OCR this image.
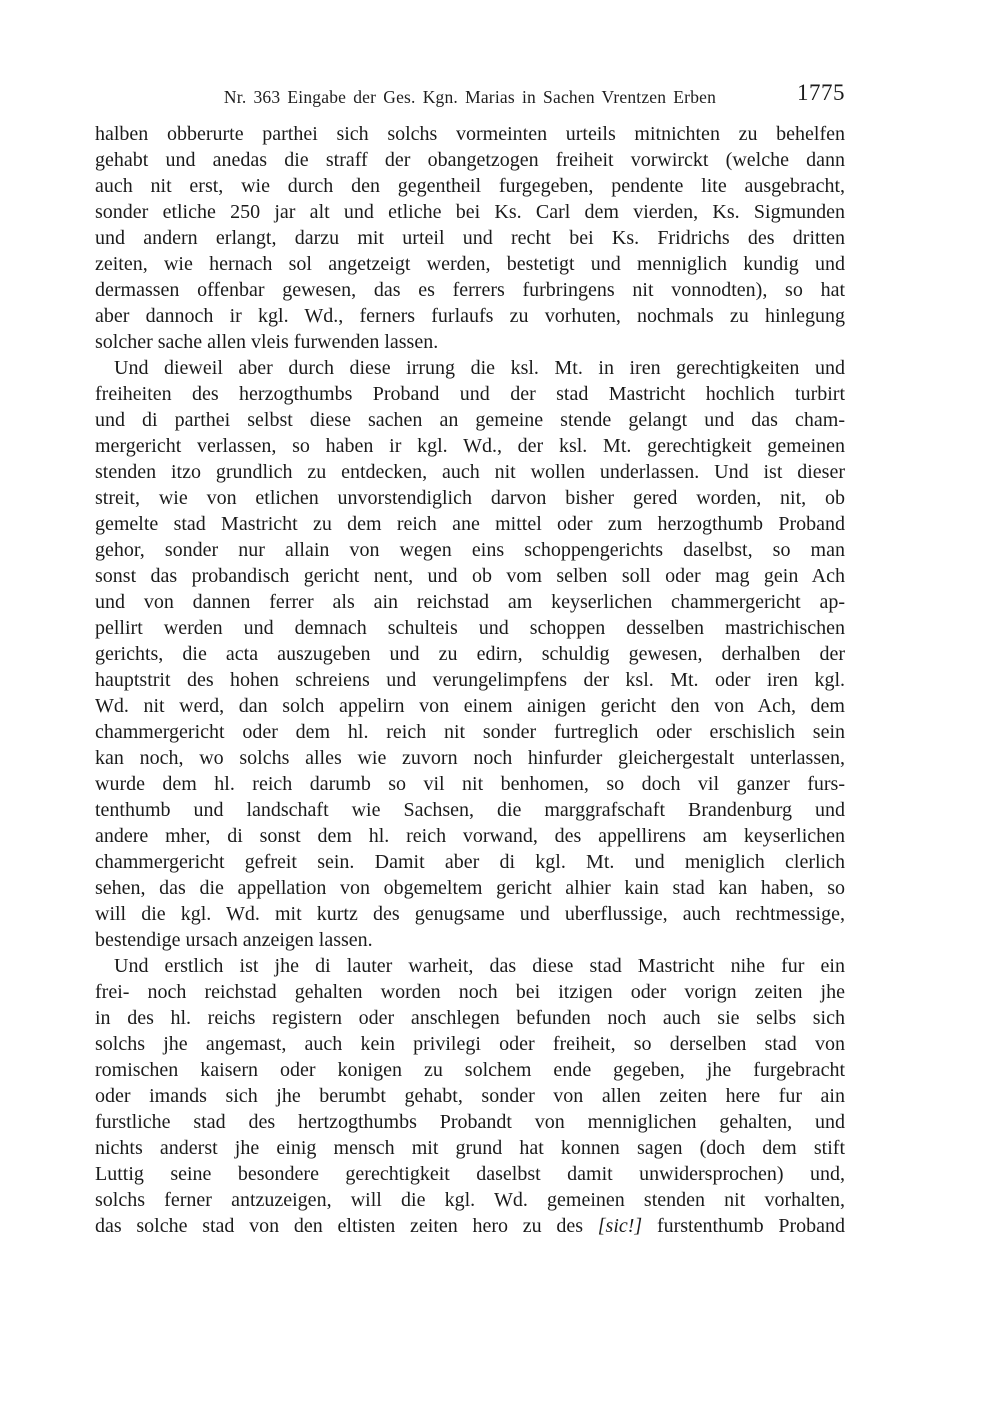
Nr. 363 Eingabe der Ges. Kgn. Marias in Sachen Vrentzen Erben	1775
halben obberurte parthei sich solchs vormeinten urteils mitnichten zu behelfen
gehabt und anedas die straff der obangetzogen freiheit vorwirckt (welche dann
auch nit erst, wie durch den gegentheil furgegeben, pendente lite ausgebracht,
sonder etliche 250 jar alt und etliche bei Ks. Carl dem vierden, Ks. Sigmunden
und andern erlangt, darzu mit urteil und recht bei Ks. Fridrichs des dritten
zeiten, wie hernach sol angetzeigt werden, bestetigt und menniglich kundig und
dermassen offenbar gewesen, das es ferrers furbringens nit vonnodten), so hat
aber dannoch ir kgl. Wd., ferners furlaufs zu vorhuten, nochmals zu hinlegung
solcher sache allen vleis furwenden lassen.
Und dieweil aber durch diese irrung die ksl. Mt. in iren gerechtigkeiten und
freiheiten des herzogthumbs Proband und der stad Mastricht hochlich turbirt
und di parthei selbst diese sachen an gemeine stende gelangt und das cham-
mergericht verlassen, so haben ir kgl. Wd., der ksl. Mt. gerechtigkeit gemeinen
stenden itzo grundlich zu entdecken, auch nit wollen underlassen. Und ist dieser
streit, wie von etlichen unvorstendiglich darvon bisher gered worden, nit, ob
gemelte stad Mastricht zu dem reich ane mittel oder zum herzogthumb Proband
gehor, sonder nur allain von wegen eins schoppengerichts daselbst, so man
sonst das probandisch gericht nent, und ob vom selben soll oder mag gein Ach
und von dannen ferrer als ain reichstad am keyserlichen chammergericht ap-
pellirt werden und demnach schulteis und schoppen desselben mastrichischen
gerichts, die acta auszugeben und zu edirn, schuldig gewesen, derhalben der
hauptstrit des hohen schreiens und verungelimpfens der ksl. Mt. oder iren kgl.
Wd. nit werd, dan solch appelirn von einem ainigen gericht den von Ach, dem
chammergericht oder dem hl. reich nit sonder furtreglich oder erschislich sein
kan noch, wo solchs alles wie zuvorn noch hinfurder gleichergestalt unterlassen,
wurde dem hl. reich darumb so vil nit benhomen, so doch vil ganzer furs-
tenthumb und landschaft wie Sachsen, die marggrafschaft Brandenburg und
andere mher, di sonst dem hl. reich vorwand, des appellirens am keyserlichen
chammergericht gefreit sein. Damit aber di kgl. Mt. und meniglich clerlich
sehen, das die appellation von obgemeltem gericht alhier kain stad kan haben, so
will die kgl. Wd. mit kurtz des genugsame und uberflussige, auch rechtmessige,
bestendige ursach anzeigen lassen.
Und erstlich ist jhe di lauter warheit, das diese stad Mastricht nihe fur ein
frei- noch reichstad gehalten worden noch bei itzigen oder vorign zeiten jhe
in des hl. reichs registern oder anschlegen befunden noch auch sie selbs sich
solchs jhe angemast, auch kein privilegi oder freiheit, so derselben stad von
romischen kaisern oder konigen zu solchem ende gegeben, jhe furgebracht
oder imands sich jhe berumbt gehabt, sonder von allen zeiten here fur ain
furstliche stad des hertzogthumbs Probandt von menniglichen gehalten, und
nichts anderst jhe einig mensch mit grund hat konnen sagen (doch dem stift
Luttig seine besondere gerechtigkeit daselbst damit unwidersprochen) und,
solchs ferner antzuzeigen, will die kgl. Wd. gemeinen stenden nit vorhalten,
das solche stad von den eltisten zeiten hero zu des [sic!] furstenthumb Proband
